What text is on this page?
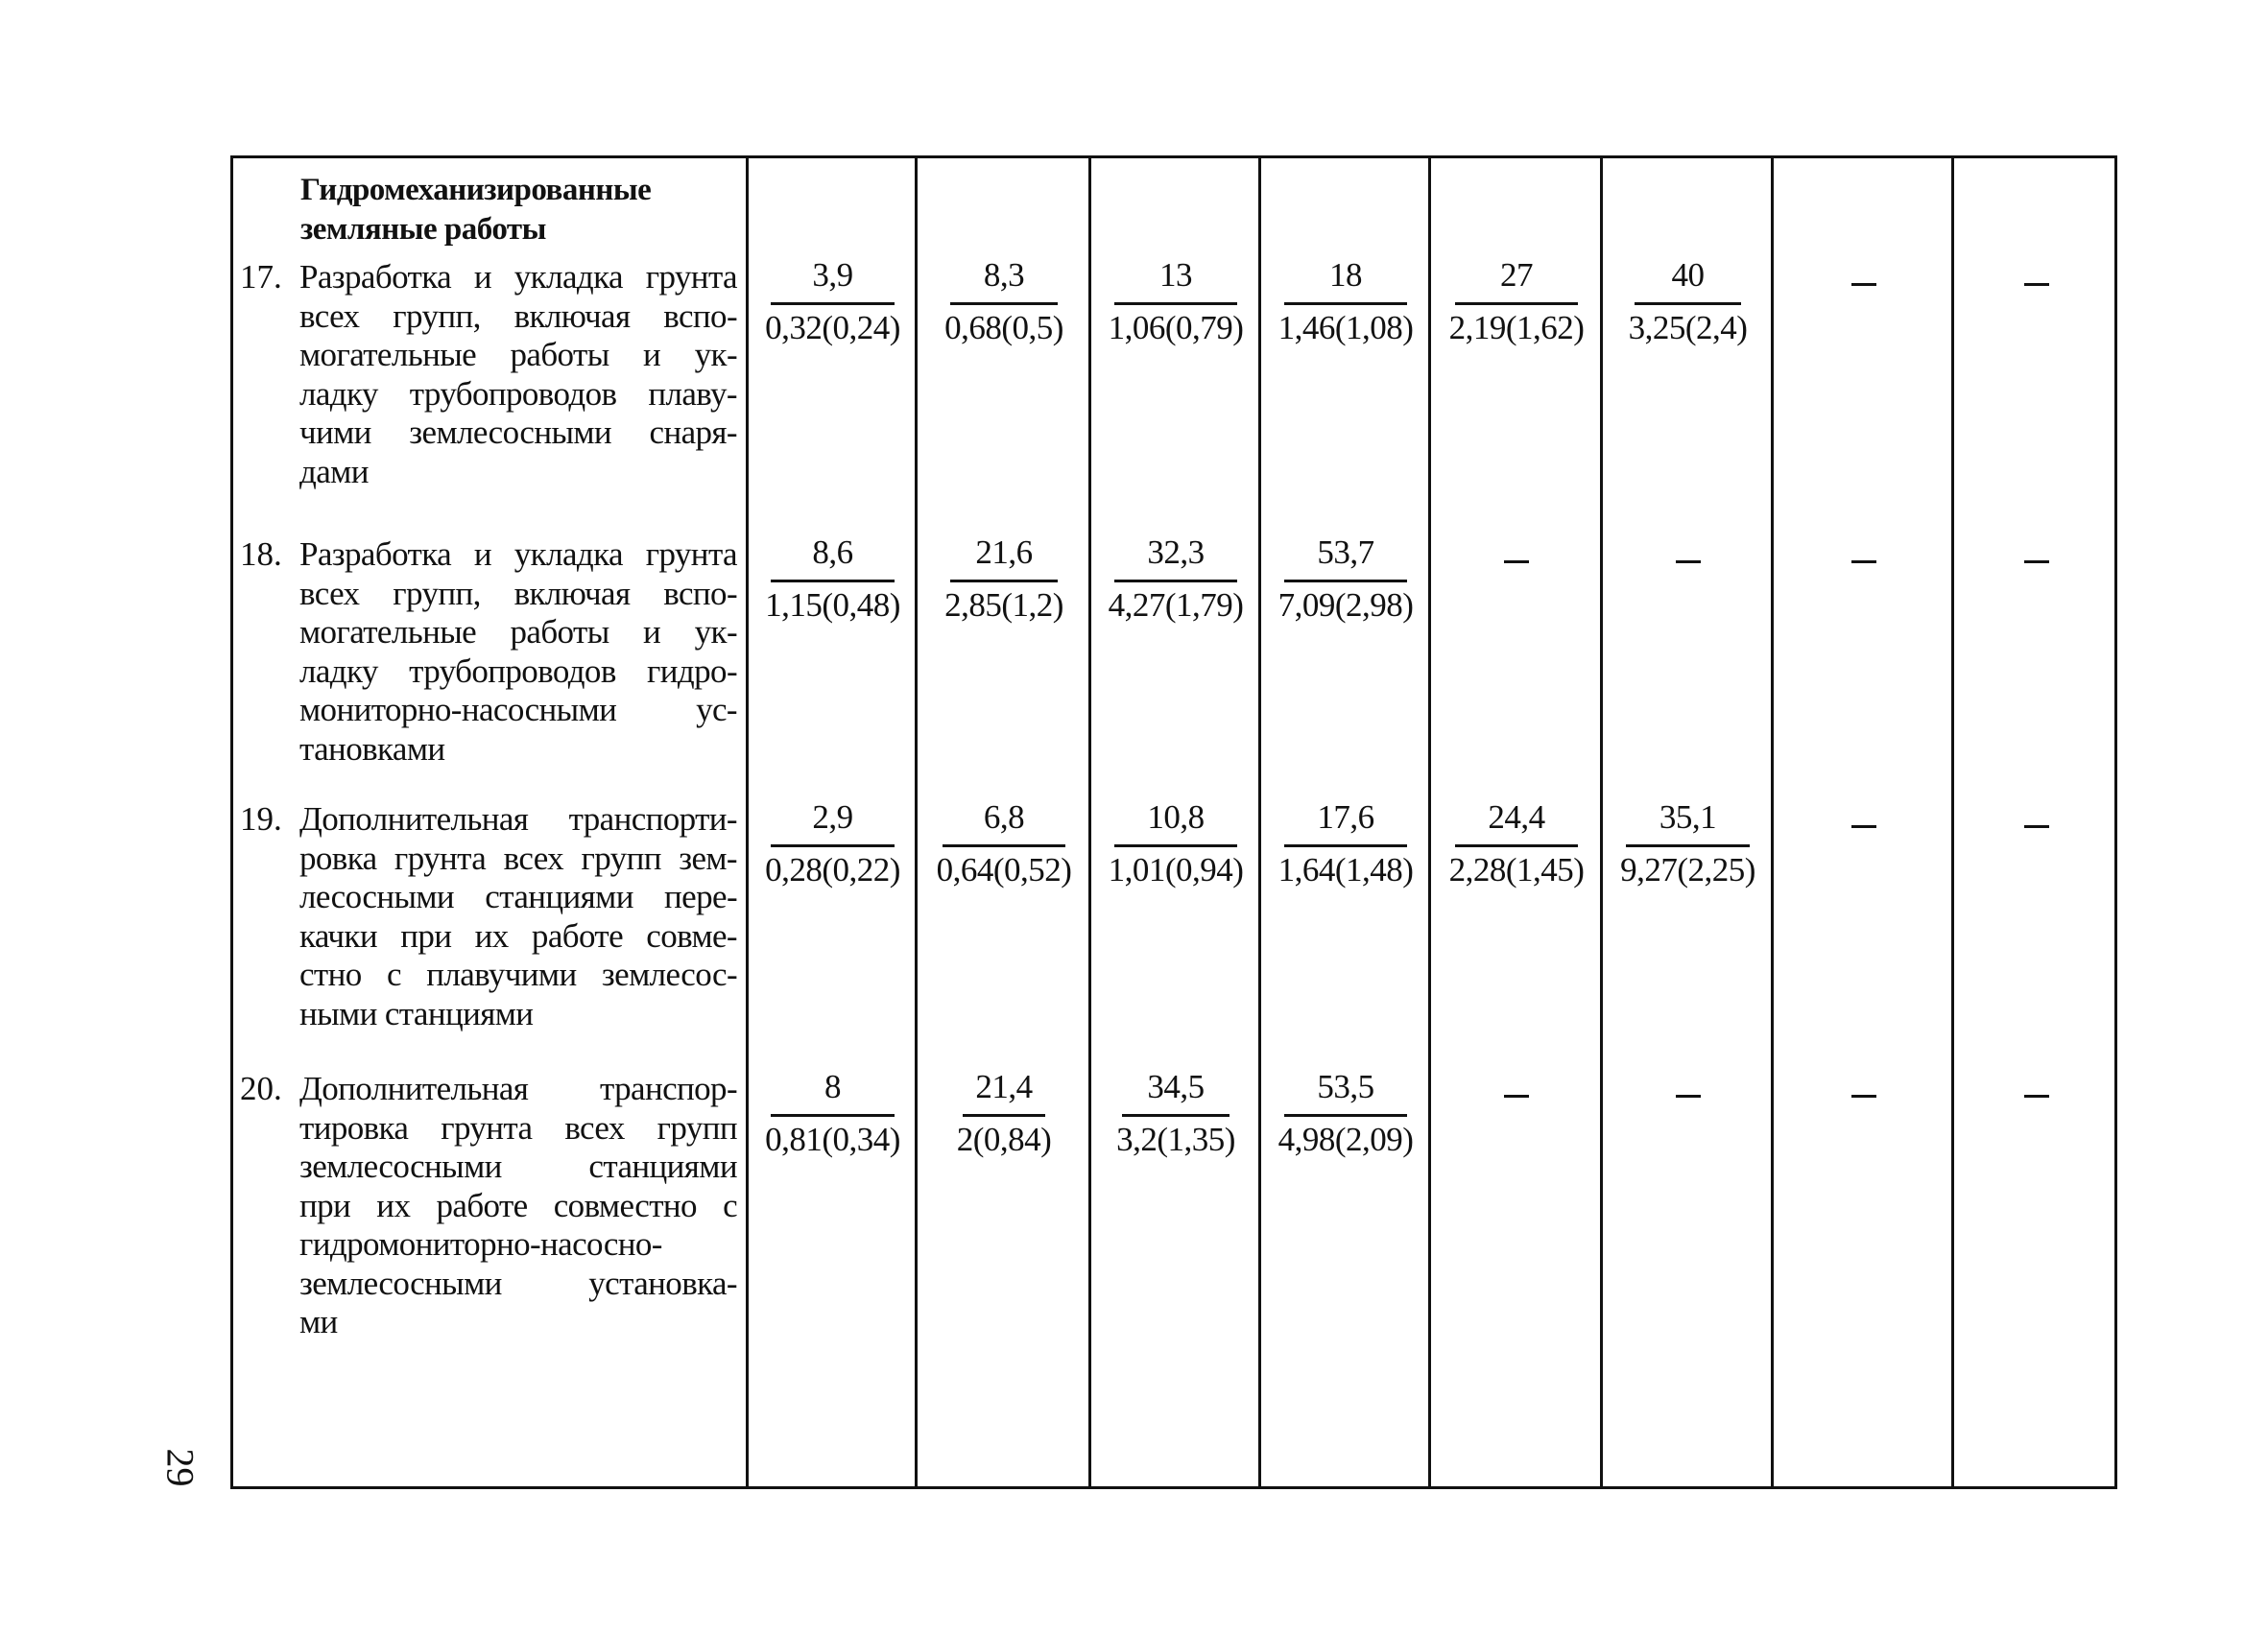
Гидромеханизированные
земляные работы
17. Разработка и укладка грунта
всех групп, включая вспо-
могательные работы и ук-
ладку трубопроводов плаву-
чими землесосными снаря-
дами
$\frac{3,9}{0,32(0,24)} \frac{8,3}{0,68(0,5)} \frac{13}{1,06(0,79)} \frac{18}{1,46(1,08)} \frac{27}{2,19(1,62)} \frac{40}{3,25(2,4)}$
18. Разработка и укладка грунта
всех групп, включая вспо-
могательные работы и ук-
ладку трубопроводов гидро-
мониторно-насосными ус-
тановками
$\frac{8,6}{1,15(0,48)} \frac{21,6}{2,85(1,2)} \frac{32,3}{4,27(1,79)} \frac{53,7}{7,09(2,98)}$
19. Дополнительная транспорти-
ровка грунта всех групп зем-
лесосными станциями пере-
качки при их работе совме-
стно с плавучими землесос-
ными станциями
$\frac{2,9}{0,28(0,22)} \frac{6,8}{0,64(0,52)} \frac{10,8}{1,01(0,94)} \frac{17,6}{1,64(1,48)} \frac{24,4}{2,28(1,45)} \frac{35,1}{9,27(2,25)}$
20. Дополнительная транспор-
тировка грунта всех групп
землесосными станциями
при их работе совместно с
гидромониторно-насосно-
землесосными установка-
ми
$\frac{8}{0,81(0,34)} \frac{21,4}{2(0,84)} \frac{34,5}{3,2(1,35)} \frac{53,5}{4,98(2,09)}$
29
